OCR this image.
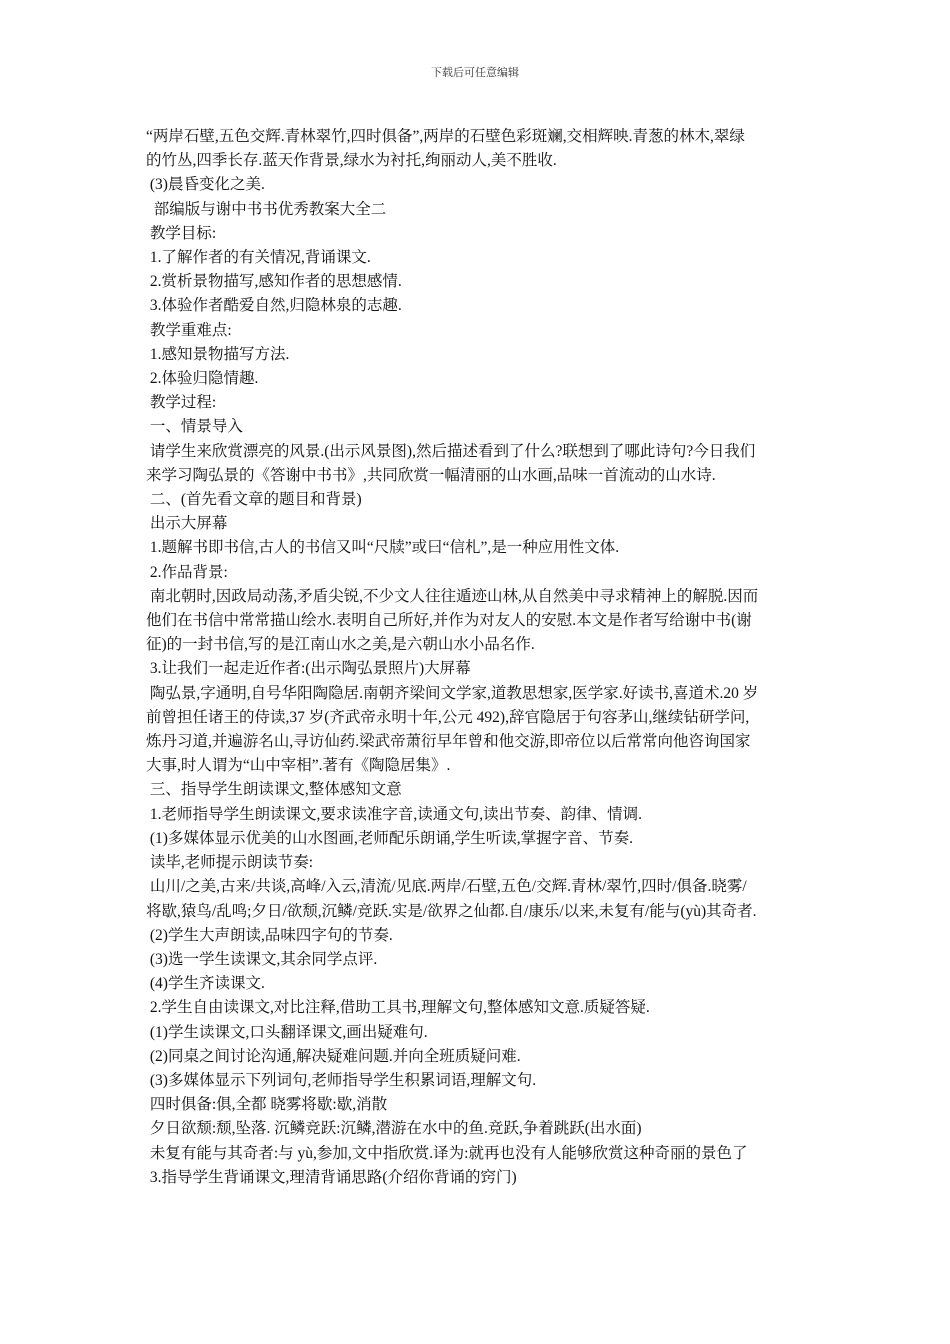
下载后可任意编辑

“两岸石壁,五色交辉.青林翠竹,四时俱备”,两岸的石壁色彩斑斓,交相辉映.青葱的林木,翠绿

的竹丛,四季长存.蓝天作背景,绿水为衬托,绚丽动人,美不胜收.

(3)晨昏变化之美.

部编版与谢中书书优秀教案大全二

教学目标:

1.了解作者的有关情况,背诵课文.

2.赏析景物描写,感知作者的思想感情.

3.体验作者酷爱自然,归隐林泉的志趣.

教学重难点:

1.感知景物描写方法.

2.体验归隐情趣.

教学过程:

一、情景导入

请学生来欣赏漂亮的风景.(出示风景图),然后描述看到了什么?联想到了哪此诗句?今日我们

来学习陶弘景的《答谢中书书》,共同欣赏一幅清丽的山水画,品味一首流动的山水诗.

二、(首先看文章的题目和背景)

出示大屏幕

1.题解书即书信,古人的书信又叫“尺牍”或曰“信札”,是一种应用性文体.

2.作品背景:

南北朝时,因政局动荡,矛盾尖锐,不少文人往往遁迹山林,从自然美中寻求精神上的解脱.因而

他们在书信中常常描山绘水.表明自己所好,并作为对友人的安慰.本文是作者写给谢中书(谢

征)的一封书信,写的是江南山水之美,是六朝山水小品名作.

3.让我们一起走近作者:(出示陶弘景照片)大屏幕

陶弘景,字通明,自号华阳陶隐居.南朝齐梁间文学家,道教思想家,医学家.好读书,喜道术.20 岁

前曾担任诸王的侍读,37 岁(齐武帝永明十年,公元 492),辞官隐居于句容茅山,继续钻研学问,

炼丹习道,并遍游名山,寻访仙药.梁武帝萧衍早年曾和他交游,即帝位以后常常向他咨询国家

大事,时人谓为“山中宰相”.著有《陶隐居集》.

三、指导学生朗读课文,整体感知文意

1.老师指导学生朗读课文,要求读准字音,读通文句,读出节奏、韵律、情调.

(1)多媒体显示优美的山水图画,老师配乐朗诵,学生听读,掌握字音、节奏.

读毕,老师提示朗读节奏:

山川/之美,古来/共谈,高峰/入云,清流/见底.两岸/石壁,五色/交辉.青林/翠竹,四时/俱备.晓雾/

将歇,猿鸟/乱鸣;夕日/欲颓,沉鳞/竞跃.实是/欲界之仙都.自/康乐/以来,未复有/能与(yù)其奇者.

(2)学生大声朗读,品味四字句的节奏.

(3)选一学生读课文,其余同学点评.

(4)学生齐读课文.

2.学生自由读课文,对比注释,借助工具书,理解文句,整体感知文意.质疑答疑.

(1)学生读课文,口头翻译课文,画出疑难句.

(2)同桌之间讨论沟通,解决疑难问题.并向全班质疑问难.

(3)多媒体显示下列词句,老师指导学生积累词语,理解文句.

四时俱备:俱,全都 晓雾将歇:歇,消散

夕日欲颓:颓,坠落. 沉鳞竞跃:沉鳞,潜游在水中的鱼.竞跃,争着跳跃(出水面)

未复有能与其奇者:与 yù,参加,文中指欣赏.译为:就再也没有人能够欣赏这种奇丽的景色了

3.指导学生背诵课文,理清背诵思路(介绍你背诵的窍门)
